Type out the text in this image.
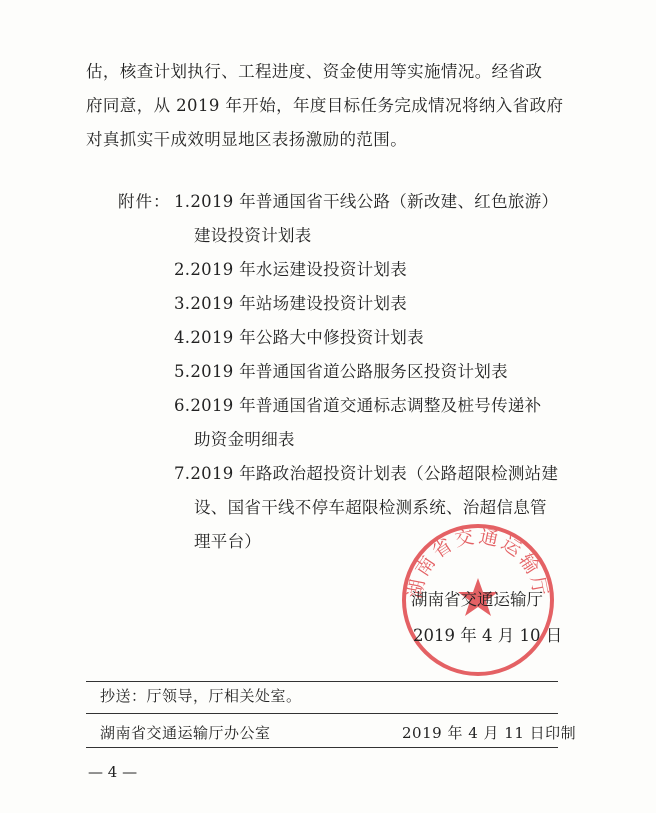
估，核查计划执行、工程进度、资金使用等实施情况。经省政
府同意，从 2019 年开始，年度目标任务完成情况将纳入省政府
对真抓实干成效明显地区表扬激励的范围。

附件： 1.2019 年普通国省干线公路（新改建、红色旅游）
建设投资计划表
2.2019 年水运建设投资计划表
3.2019 年站场建设投资计划表
4.2019 年公路大中修投资计划表
5.2019 年普通国省道公路服务区投资计划表
6.2019 年普通国省道交通标志调整及桩号传递补
助资金明细表
7.2019 年路政治超投资计划表（公路超限检测站建
设、国省干线不停车超限检测系统、治超信息管
理平台）
湖南省交通运输厅
湖南省交通运输厅
2019 年 4 月 10 日
抄送：厅领导，厅相关处室。
湖南省交通运输厅办公室	2019 年 4 月 11 日印制
— 4 —
